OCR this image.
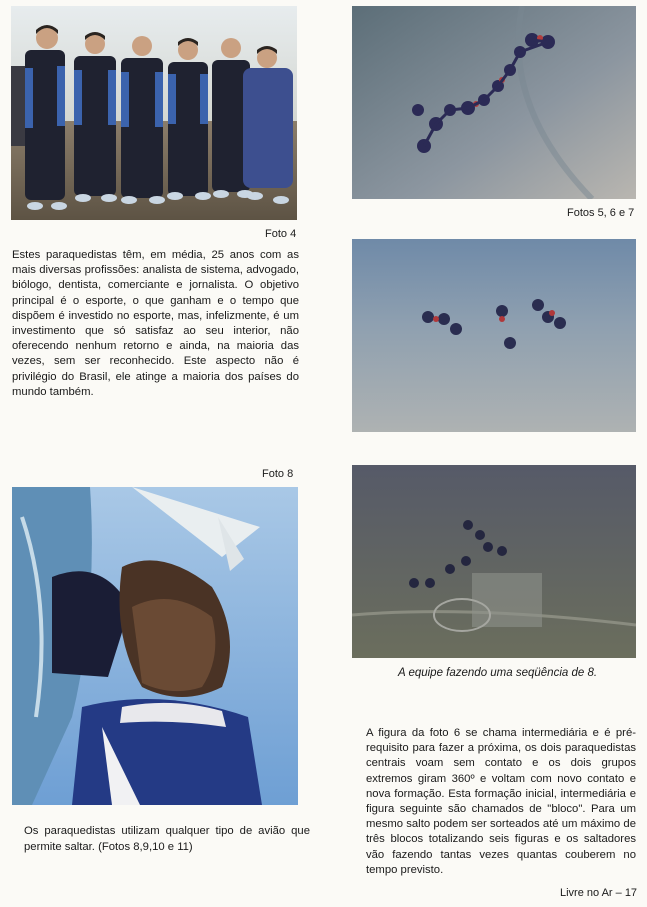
Foto 4
Estes paraquedistas têm, em média, 25 anos com as mais diversas profissões: analista de sistema, advogado, biólogo, dentista, comerciante e jornalista. O objetivo principal é o esporte, o que ganham e o tempo que dispõem é investido no esporte, mas, infelizmente, é um investimento que só satisfaz ao seu interior, não oferecendo nenhum retorno e ainda, na maioria das vezes, sem ser reconhecido. Este aspecto não é privilégio do Brasil, ele atinge a maioria dos países do mundo também.
Fotos 5, 6 e 7
A equipe fazendo uma seqüência de 8.
Foto 8
Os paraquedistas utilizam qualquer tipo de avião que permite saltar. (Fotos 8,9,10 e 11)
A figura da foto 6 se chama intermediária e é pré-requisito para fazer a próxima, os dois paraquedistas centrais voam sem contato e os dois grupos extremos giram 360º e voltam com novo contato e nova formação. Esta formação inicial, intermediária e figura seguinte são chamados de "bloco". Para um mesmo salto podem ser sorteados até um máximo de três blocos totalizando seis figuras e os saltadores vão fazendo tantas vezes quantas couberem no tempo previsto.
Livre no Ar – 17
